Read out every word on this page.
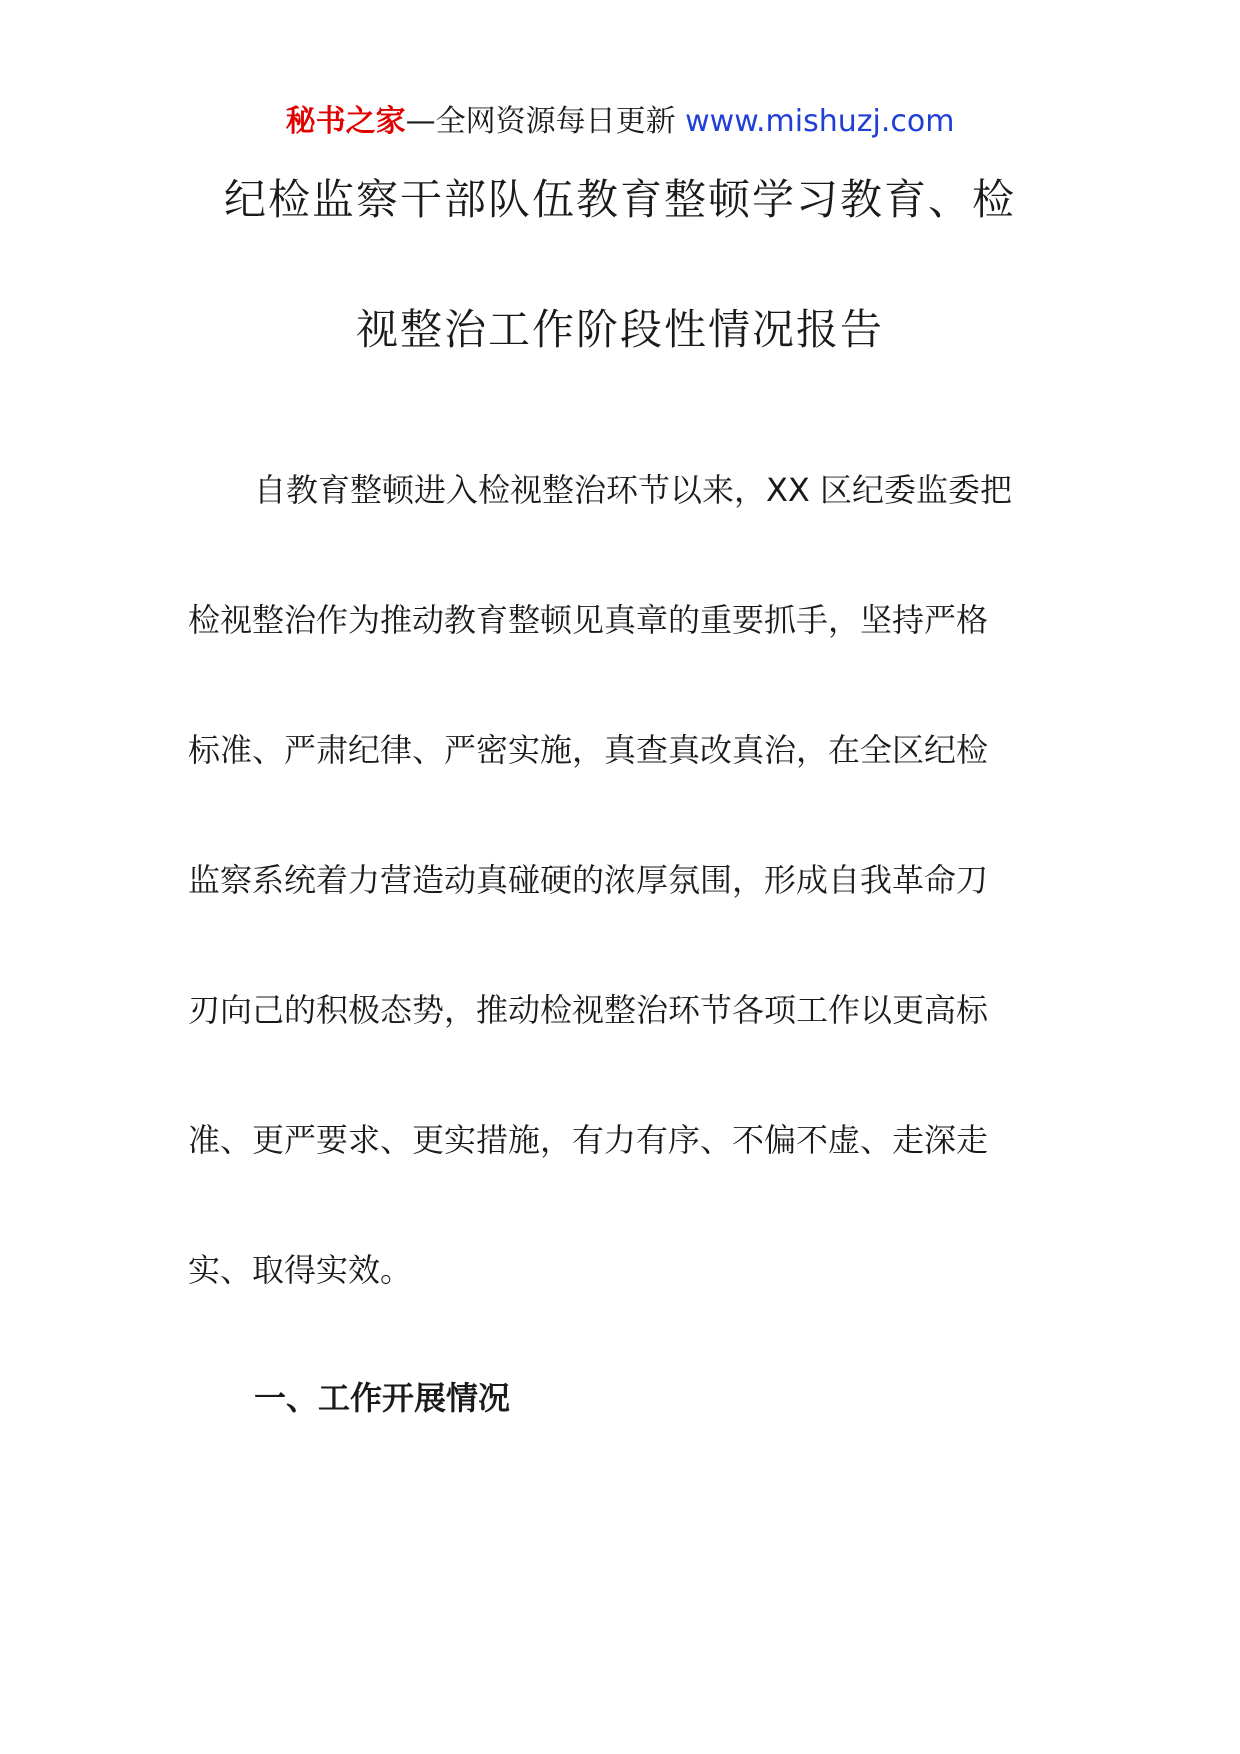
秘书之家—全网资源每日更新 www.mishuzj.com
纪检监察干部队伍教育整顿学习教育、检
视整治工作阶段性情况报告
自教育整顿进入检视整治环节以来，XX 区纪委监委把
检视整治作为推动教育整顿见真章的重要抓手，坚持严格
标准、严肃纪律、严密实施，真查真改真治，在全区纪检
监察系统着力营造动真碰硬的浓厚氛围，形成自我革命刀
刃向己的积极态势，推动检视整治环节各项工作以更高标
准、更严要求、更实措施，有力有序、不偏不虚、走深走
实、取得实效。
一、工作开展情况
